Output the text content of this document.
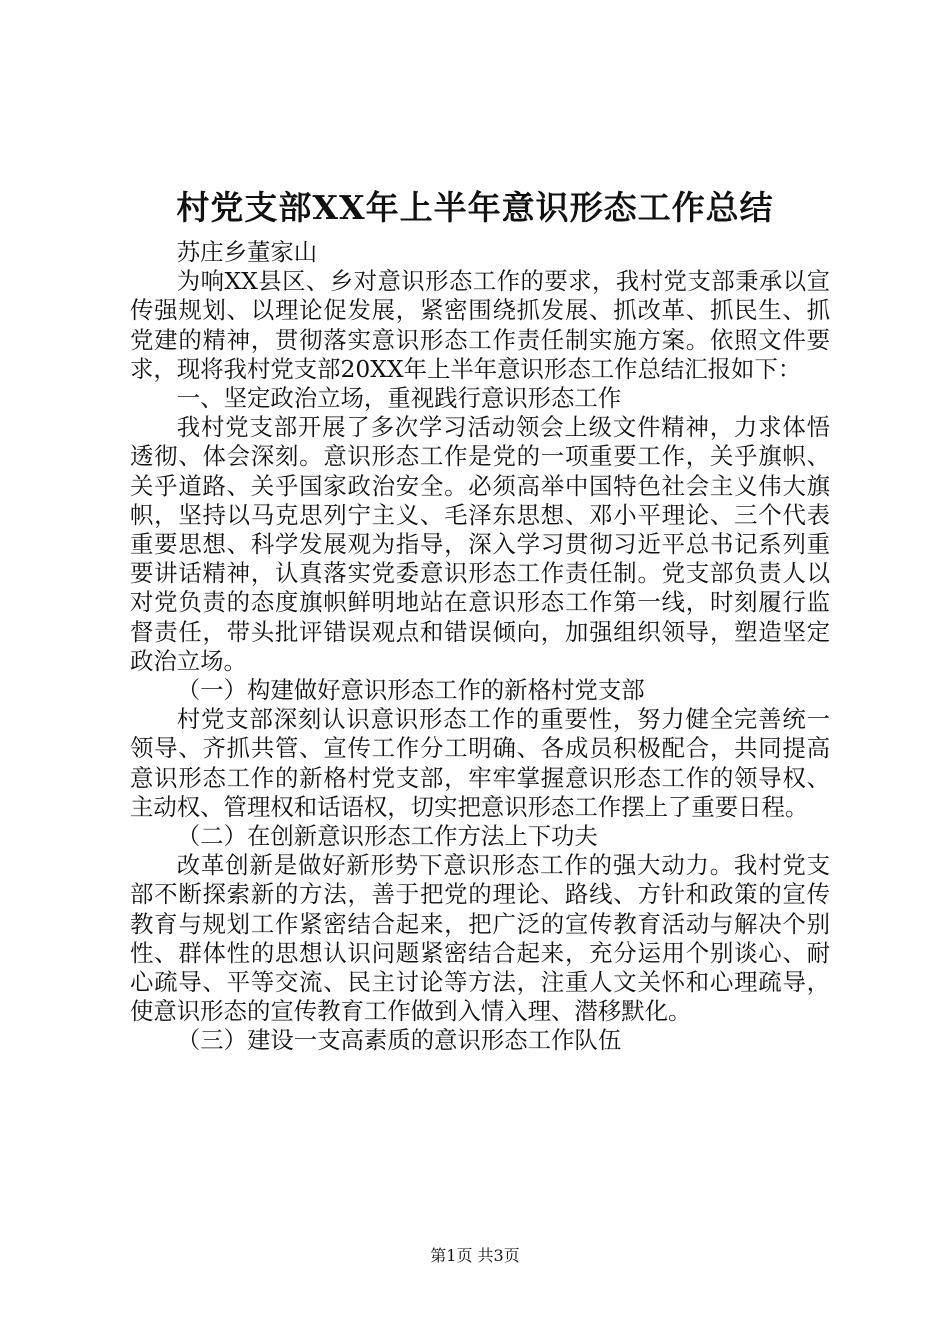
村党支部XX年上半年意识形态工作总结

苏庄乡董家山

为响XX县区、乡对意识形态工作的要求，我村党支部秉承以宣传强规划、以理论促发展，紧密围绕抓发展、抓改革、抓民生、抓党建的精神，贯彻落实意识形态工作责任制实施方案。依照文件要求，现将我村党支部20XX年上半年意识形态工作总结汇报如下：

一、坚定政治立场，重视践行意识形态工作

我村党支部开展了多次学习活动领会上级文件精神，力求体悟透彻、体会深刻。意识形态工作是党的一项重要工作，关乎旗帜、关乎道路、关乎国家政治安全。必须高举中国特色社会主义伟大旗帜，坚持以马克思列宁主义、毛泽东思想、邓小平理论、三个代表重要思想、科学发展观为指导，深入学习贯彻习近平总书记系列重要讲话精神，认真落实党委意识形态工作责任制。党支部负责人以对党负责的态度旗帜鲜明地站在意识形态工作第一线，时刻履行监督责任，带头批评错误观点和错误倾向，加强组织领导，塑造坚定政治立场。

（一）构建做好意识形态工作的新格村党支部

村党支部深刻认识意识形态工作的重要性，努力健全完善统一领导、齐抓共管、宣传工作分工明确、各成员积极配合，共同提高意识形态工作的新格村党支部，牢牢掌握意识形态工作的领导权、主动权、管理权和话语权，切实把意识形态工作摆上了重要日程。

（二）在创新意识形态工作方法上下功夫

改革创新是做好新形势下意识形态工作的强大动力。我村党支部不断探索新的方法，善于把党的理论、路线、方针和政策的宣传教育与规划工作紧密结合起来，把广泛的宣传教育活动与解决个别性、群体性的思想认识问题紧密结合起来，充分运用个别谈心、耐心疏导、平等交流、民主讨论等方法，注重人文关怀和心理疏导，使意识形态的宣传教育工作做到入情入理、潜移默化。

（三）建设一支高素质的意识形态工作队伍

第1页 共3页
